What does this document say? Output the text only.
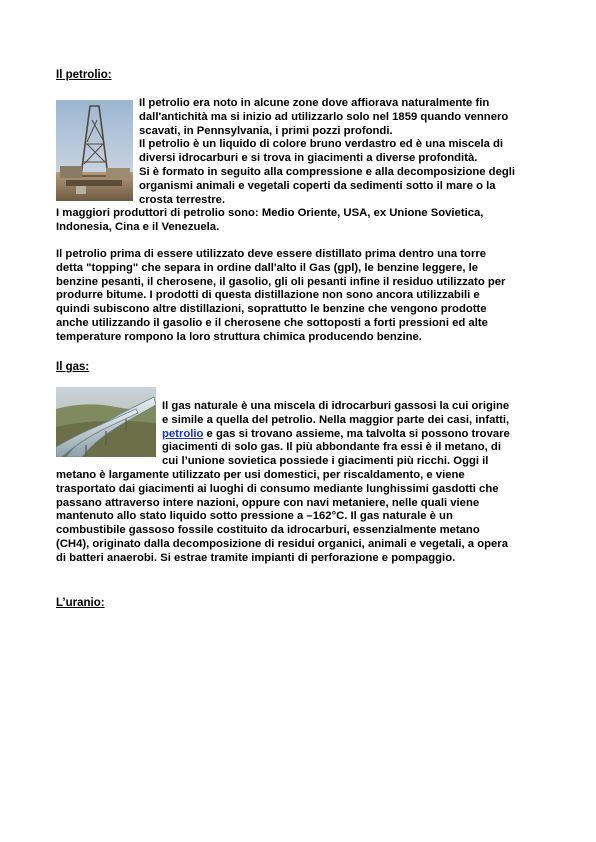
Il petrolio:
Il petrolio era noto in alcune zone dove affiorava naturalmente fin
dall'antichità ma si inizio ad utilizzarlo solo nel 1859 quando vennero
scavati, in Pennsylvania, i primi pozzi profondi.
Il petrolio è un liquido di colore bruno verdastro ed è una miscela di
diversi idrocarburi e si trova in giacimenti a diverse profondità.
Si è formato in seguito alla compressione e alla decomposizione degli
organismi animali e vegetali coperti da sedimenti sotto il mare o la
crosta terrestre.
I maggiori produttori di petrolio sono: Medio Oriente, USA, ex Unione Sovietica,
Indonesia, Cina e il Venezuela.
Il petrolio prima di essere utilizzato deve essere distillato prima dentro una torre
detta "topping" che separa in ordine dall'alto il Gas (gpl), le benzine leggere, le
benzine pesanti, il cherosene, il gasolio, gli oli pesanti infine il residuo utilizzato per
produrre bitume. I prodotti di questa distillazione non sono ancora utilizzabili e
quindi subiscono altre distillazioni, soprattutto le benzine che vengono prodotte
anche utilizzando il gasolio e il cherosene che sottoposti a forti pressioni ed alte
temperature rompono la loro struttura chimica producendo benzine.
Il gas:
Il gas naturale è una miscela di idrocarburi gassosi la cui origine
e simile a quella del petrolio. Nella maggior parte dei casi, infatti,
petrolio e gas si trovano assieme, ma talvolta si possono trovare
giacimenti di solo gas. Il più abbondante fra essi è il metano, di
cui l’unione sovietica possiede i giacimenti più ricchi. Oggi il
metano è largamente utilizzato per usi domestici, per riscaldamento, e viene
trasportato dai giacimenti ai luoghi di consumo mediante lunghissimi gasdotti che
passano attraverso intere nazioni, oppure con navi metaniere, nelle quali viene
mantenuto allo stato liquido sotto pressione a –162°C. Il gas naturale è un
combustibile gassoso fossile costituito da idrocarburi, essenzialmente metano
(CH4), originato dalla decomposizione di residui organici, animali e vegetali, a opera
di batteri anaerobi. Si estrae tramite impianti di perforazione e pompaggio.
L’uranio:
